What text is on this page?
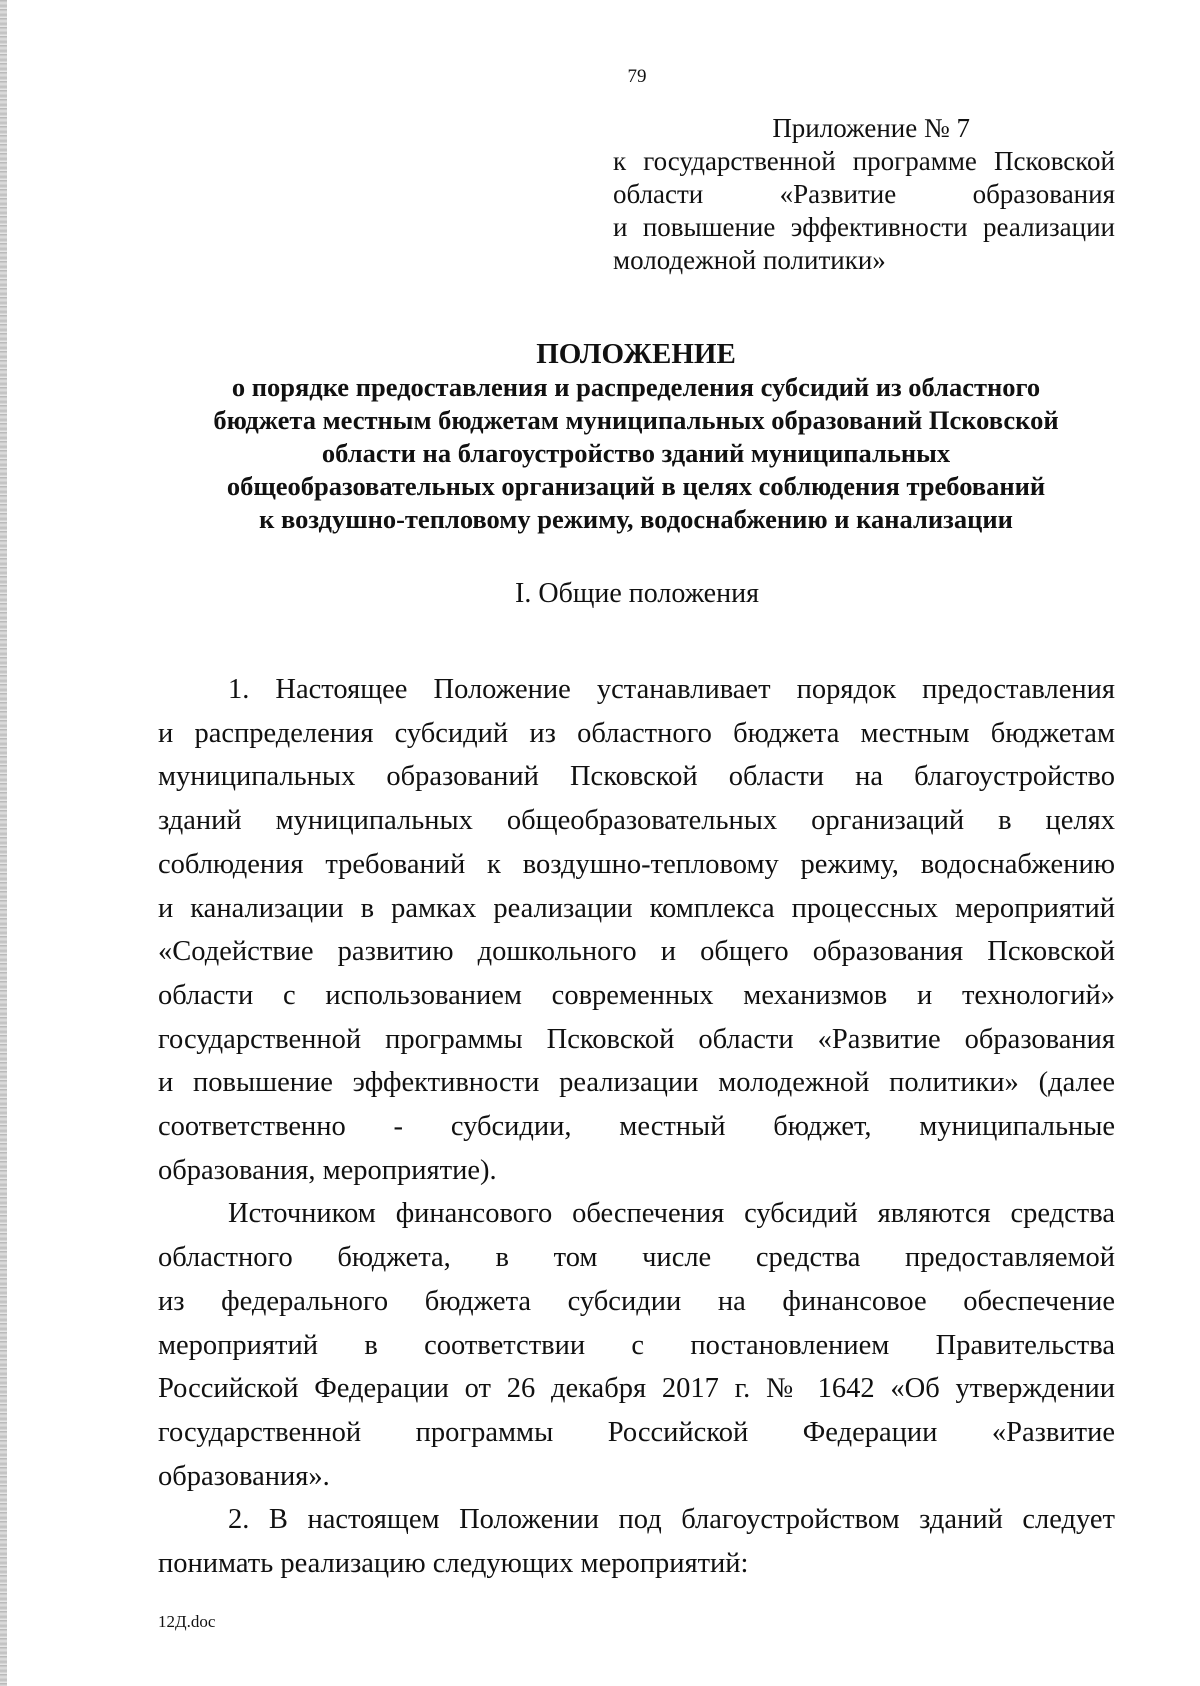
79
Приложение № 7
к государственной программе Псковской
области «Развитие образования
и повышение эффективности реализации
молодежной политики»
ПОЛОЖЕНИЕ
о порядке предоставления и распределения субсидий из областного
бюджета местным бюджетам муниципальных образований Псковской
области на благоустройство зданий муниципальных
общеобразовательных организаций в целях соблюдения требований
к воздушно-тепловому режиму, водоснабжению и канализации
I. Общие положения
1. Настоящее Положение устанавливает порядок предоставления
и распределения субсидий из областного бюджета местным бюджетам
муниципальных образований Псковской области на благоустройство
зданий муниципальных общеобразовательных организаций в целях
соблюдения требований к воздушно-тепловому режиму, водоснабжению
и канализации в рамках реализации комплекса процессных мероприятий
«Содействие развитию дошкольного и общего образования Псковской
области с использованием современных механизмов и технологий»
государственной программы Псковской области «Развитие образования
и повышение эффективности реализации молодежной политики» (далее
соответственно - субсидии, местный бюджет, муниципальные
образования, мероприятие).
Источником финансового обеспечения субсидий являются средства
областного бюджета, в том числе средства предоставляемой
из федерального бюджета субсидии на финансовое обеспечение
мероприятий в соответствии с постановлением Правительства
Российской Федерации от 26 декабря 2017 г. № 1642 «Об утверждении
государственной программы Российской Федерации «Развитие
образования».
2. В настоящем Положении под благоустройством зданий следует
понимать реализацию следующих мероприятий:
12Д.doc
